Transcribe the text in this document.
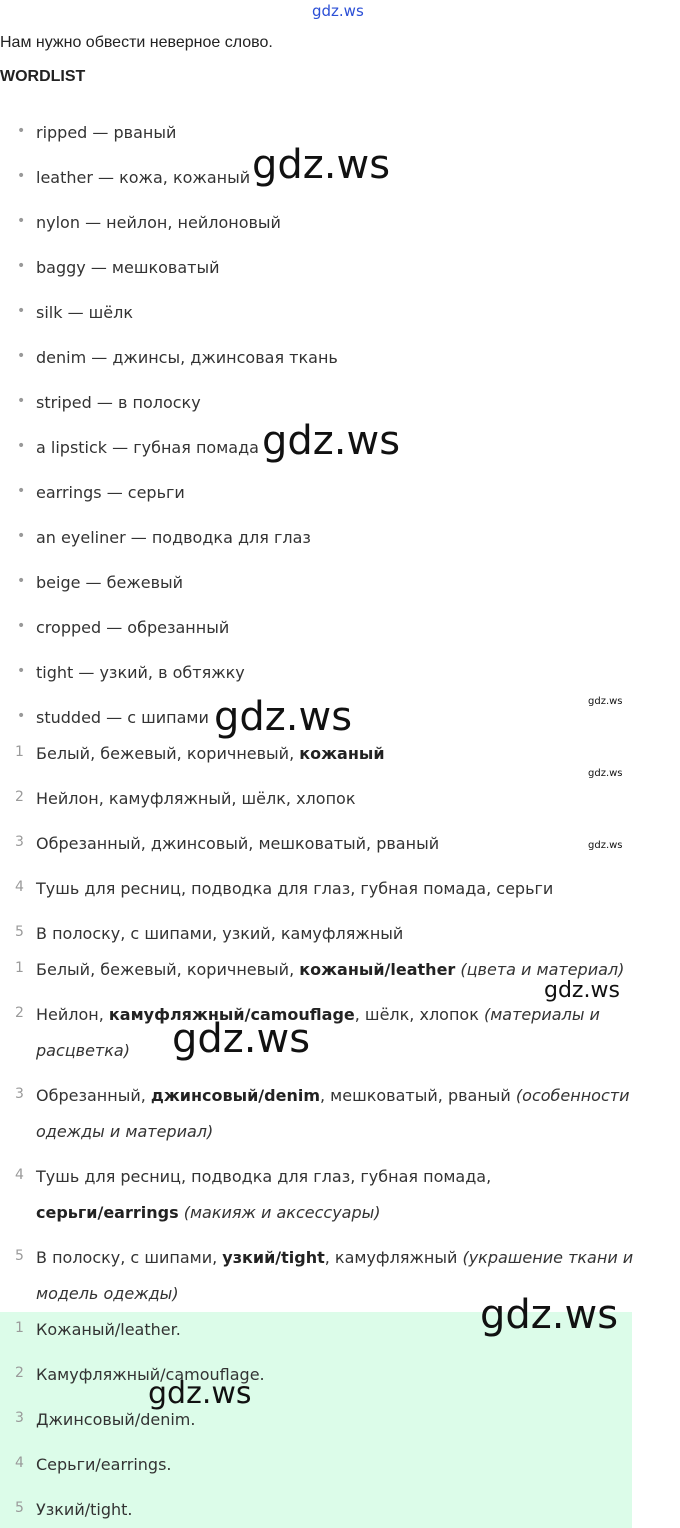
gdz.ws
Нам нужно обвести неверное слово.
WORDLIST
• ripped — рваный
• leather — кожа, кожаный
• nylon — нейлон, нейлоновый
• baggy — мешковатый
• silk — шёлк
• denim — джинсы, джинсовая ткань
• striped — в полоску
• a lipstick — губная помада
• earrings — серьги
• an eyeliner — подводка для глаз
• beige — бежевый
• cropped — обрезанный
• tight — узкий, в обтяжку
• studded — с шипами
1 Белый, бежевый, коричневый, кожаный
2 Нейлон, камуфляжный, шёлк, хлопок
3 Обрезанный, джинсовый, мешковатый, рваный
4 Тушь для ресниц, подводка для глаз, губная помада, серьги
5 В полоску, с шипами, узкий, камуфляжный
1 Белый, бежевый, коричневый, кожаный/leather (цвета и материал)
2 Нейлон, камуфляжный/camouflage, шёлк, хлопок (материалы и расцветка)
3 Обрезанный, джинсовый/denim, мешковатый, рваный (особенности одежды и материал)
4 Тушь для ресниц, подводка для глаз, губная помада, серьги/earrings (макияж и аксессуары)
5 В полоску, с шипами, узкий/tight, камуфляжный (украшение ткани и модель одежды)
1 Кожаный/leather.
2 Камуфляжный/camouflage.
3 Джинсовый/denim.
4 Серьги/earrings.
5 Узкий/tight.
gdz.ws
gdz.ws
gdz.ws	gdz.ws
gdz.ws
gdz.ws
gdz.ws
gdz.ws
gdz.ws
gdz.ws
